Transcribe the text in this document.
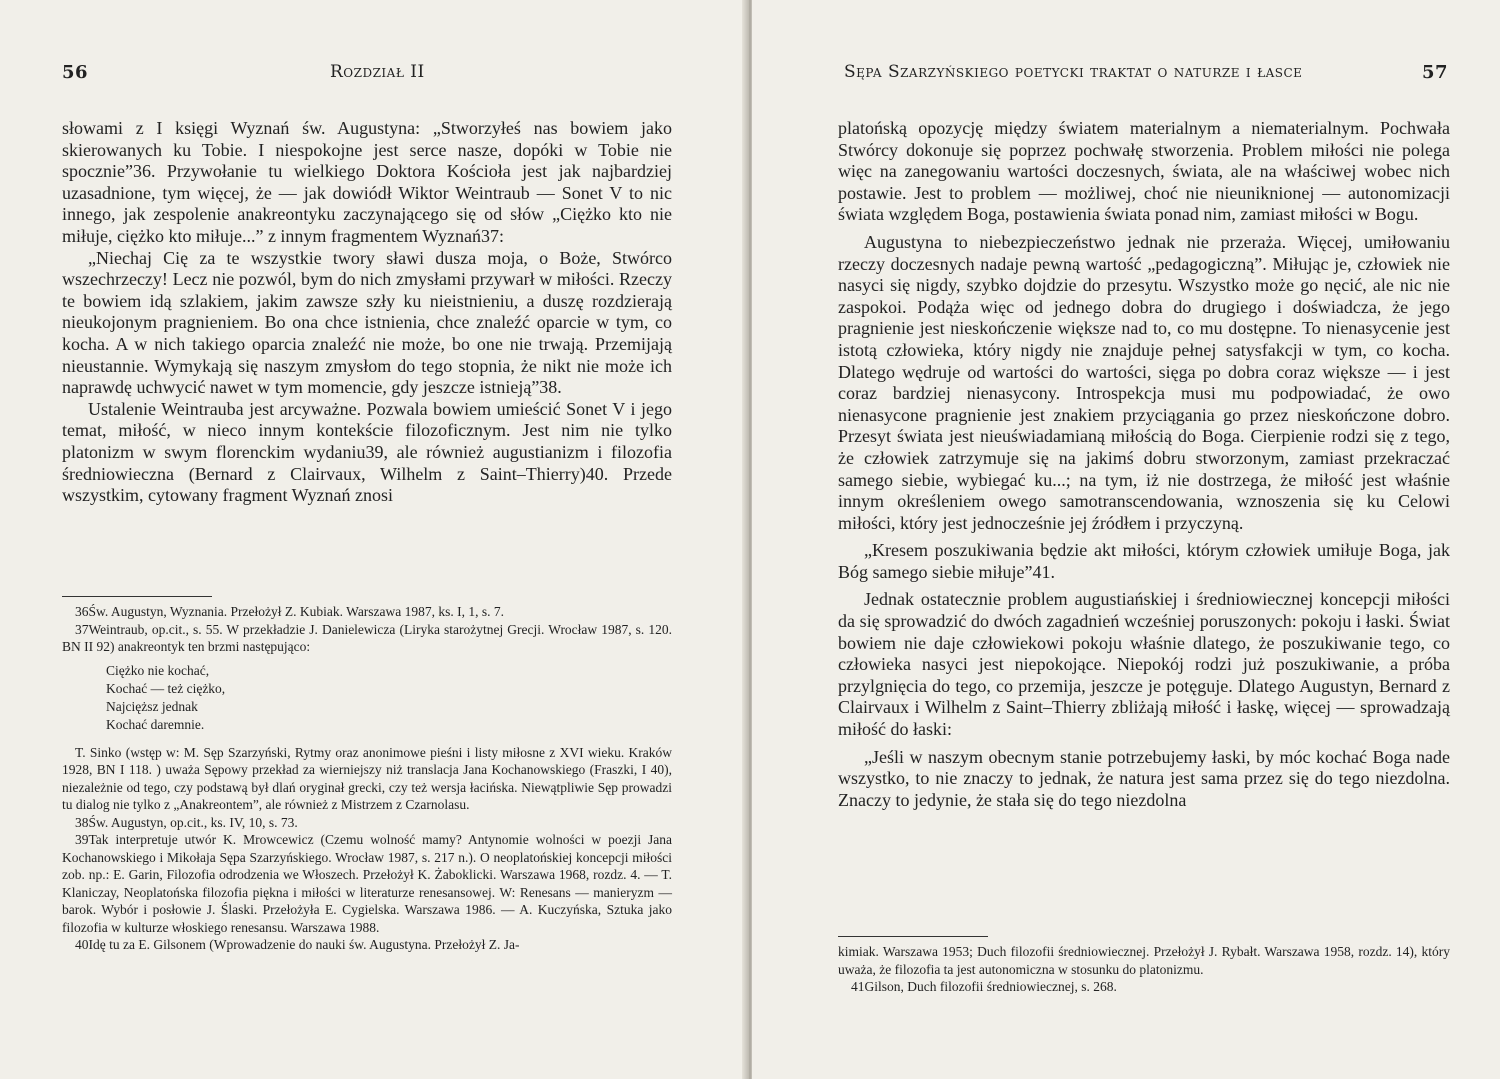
56	Rozdział II

słowami z I księgi Wyznań św. Augustyna: „Stworzyłeś nas bowiem jako skierowanych ku Tobie. I niespokojne jest serce nasze, dopóki w Tobie nie spocznie”36. Przywołanie tu wielkiego Doktora Kościoła jest jak najbardziej uzasadnione, tym więcej, że — jak dowiódł Wiktor Weintraub — Sonet V to nic innego, jak zespolenie anakreontyku zaczynającego się od słów „Ciężko kto nie miłuje, ciężko kto miłuje...” z innym fragmentem Wyznań37:

„Niechaj Cię za te wszystkie twory sławi dusza moja, o Boże, Stwórco wszechrzeczy! Lecz nie pozwól, bym do nich zmysłami przywarł w miłości. Rzeczy te bowiem idą szlakiem, jakim zawsze szły ku nieistnieniu, a duszę rozdzierają nieukojonym pragnieniem. Bo ona chce istnienia, chce znaleźć oparcie w tym, co kocha. A w nich takiego oparcia znaleźć nie może, bo one nie trwają. Przemijają nieustannie. Wymykają się naszym zmysłom do tego stopnia, że nikt nie może ich naprawdę uchwycić nawet w tym momencie, gdy jeszcze istnieją”38.

Ustalenie Weintrauba jest arcyważne. Pozwala bowiem umieścić Sonet V i jego temat, miłość, w nieco innym kontekście filozoficznym. Jest nim nie tylko platonizm w swym florenckim wydaniu39, ale również augustianizm i filozofia średniowieczna (Bernard z Clairvaux, Wilhelm z Saint–Thierry)40. Przede wszystkim, cytowany fragment Wyznań znosi

36Św. Augustyn, Wyznania. Przełożył Z. Kubiak. Warszawa 1987, ks. I, 1, s. 7.

37Weintraub, op.cit., s. 55. W przekładzie J. Danielewicza (Liryka starożytnej Grecji. Wrocław 1987, s. 120. BN II 92) anakreontyk ten brzmi następująco:

Ciężko nie kochać,
Kochać — też ciężko,
Najcięższ jednak
Kochać daremnie.

T. Sinko (wstęp w: M. Sęp Szarzyński, Rytmy oraz anonimowe pieśni i listy miłosne z XVI wieku. Kraków 1928, BN I 118. ) uważa Sępowy przekład za wierniejszy niż translacja Jana Kochanowskiego (Fraszki, I 40), niezależnie od tego, czy podstawą był dlań oryginał grecki, czy też wersja łacińska. Niewątpliwie Sęp prowadzi tu dialog nie tylko z „Anakreontem”, ale również z Mistrzem z Czarnolasu.

38Św. Augustyn, op.cit., ks. IV, 10, s. 73.

39Tak interpretuje utwór K. Mrowcewicz (Czemu wolność mamy? Antynomie wolności w poezji Jana Kochanowskiego i Mikołaja Sępa Szarzyńskiego. Wrocław 1987, s. 217 n.). O neoplatońskiej koncepcji miłości zob. np.: E. Garin, Filozofia odrodzenia we Włoszech. Przełożył K. Żaboklicki. Warszawa 1968, rozdz. 4. — T. Klaniczay, Neoplatońska filozofia piękna i miłości w literaturze renesansowej. W: Renesans — manieryzm — barok. Wybór i posłowie J. Ślaski. Przełożyła E. Cygielska. Warszawa 1986. — A. Kuczyńska, Sztuka jako filozofia w kulturze włoskiego renesansu. Warszawa 1988.

40Idę tu za E. Gilsonem (Wprowadzenie do nauki św. Augustyna. Przełożył Z. Ja-

Sępa Szarzyńskiego poetycki traktat o naturze i łasce	57

platońską opozycję między światem materialnym a niematerialnym. Pochwała Stwórcy dokonuje się poprzez pochwałę stworzenia. Problem miłości nie polega więc na zanegowaniu wartości doczesnych, świata, ale na właściwej wobec nich postawie. Jest to problem — możliwej, choć nie nieuniknionej — autonomizacji świata względem Boga, postawienia świata ponad nim, zamiast miłości w Bogu.

Augustyna to niebezpieczeństwo jednak nie przeraża. Więcej, umiłowaniu rzeczy doczesnych nadaje pewną wartość „pedagogiczną”. Miłując je, człowiek nie nasyci się nigdy, szybko dojdzie do przesytu. Wszystko może go nęcić, ale nic nie zaspokoi. Podąża więc od jednego dobra do drugiego i doświadcza, że jego pragnienie jest nieskończenie większe nad to, co mu dostępne. To nienasycenie jest istotą człowieka, który nigdy nie znajduje pełnej satysfakcji w tym, co kocha. Dlatego wędruje od wartości do wartości, sięga po dobra coraz większe — i jest coraz bardziej nienasycony. Introspekcja musi mu podpowiadać, że owo nienasycone pragnienie jest znakiem przyciągania go przez nieskończone dobro. Przesyt świata jest nieuświadamianą miłością do Boga. Cierpienie rodzi się z tego, że człowiek zatrzymuje się na jakimś dobru stworzonym, zamiast przekraczać samego siebie, wybiegać ku...; na tym, iż nie dostrzega, że miłość jest właśnie innym określeniem owego samotranscendowania, wznoszenia się ku Celowi miłości, który jest jednocześnie jej źródłem i przyczyną.

„Kresem poszukiwania będzie akt miłości, którym człowiek umiłuje Boga, jak Bóg samego siebie miłuje”41.

Jednak ostatecznie problem augustiańskiej i średniowiecznej koncepcji miłości da się sprowadzić do dwóch zagadnień wcześniej poruszonych: pokoju i łaski. Świat bowiem nie daje człowiekowi pokoju właśnie dlatego, że poszukiwanie tego, co człowieka nasyci jest niepokojące. Niepokój rodzi już poszukiwanie, a próba przylgnięcia do tego, co przemija, jeszcze je potęguje. Dlatego Augustyn, Bernard z Clairvaux i Wilhelm z Saint–Thierry zbliżają miłość i łaskę, więcej — sprowadzają miłość do łaski:

„Jeśli w naszym obecnym stanie potrzebujemy łaski, by móc kochać Boga nade wszystko, to nie znaczy to jednak, że natura jest sama przez się do tego niezdolna. Znaczy to jedynie, że stała się do tego niezdolna

kimiak. Warszawa 1953; Duch filozofii średniowiecznej. Przełożył J. Rybałt. Warszawa 1958, rozdz. 14), który uważa, że filozofia ta jest autonomiczna w stosunku do platonizmu.

41Gilson, Duch filozofii średniowiecznej, s. 268.
